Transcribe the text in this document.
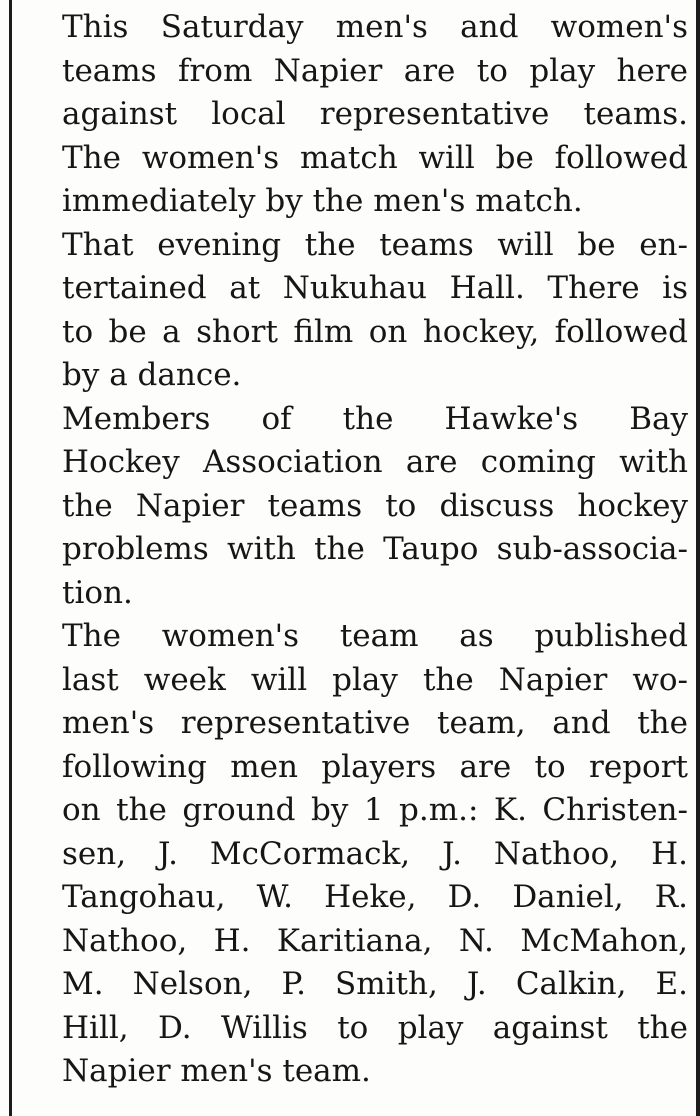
This Saturday men's and women's
teams from Napier are to play here
against local representative teams.
The women's match will be followed
immediately by the men's match.
That evening the teams will be en-
tertained at Nukuhau Hall. There is
to be a short film on hockey, followed
by a dance.
Members of the Hawke's Bay
Hockey Association are coming with
the Napier teams to discuss hockey
problems with the Taupo sub-associa-
tion.
The women's team as published
last week will play the Napier wo-
men's representative team, and the
following men players are to report
on the ground by 1 p.m.: K. Christen-
sen, J. McCormack, J. Nathoo, H.
Tangohau, W. Heke, D. Daniel, R.
Nathoo, H. Karitiana, N. McMahon,
M. Nelson, P. Smith, J. Calkin, E.
Hill, D. Willis to play against the
Napier men's team.
